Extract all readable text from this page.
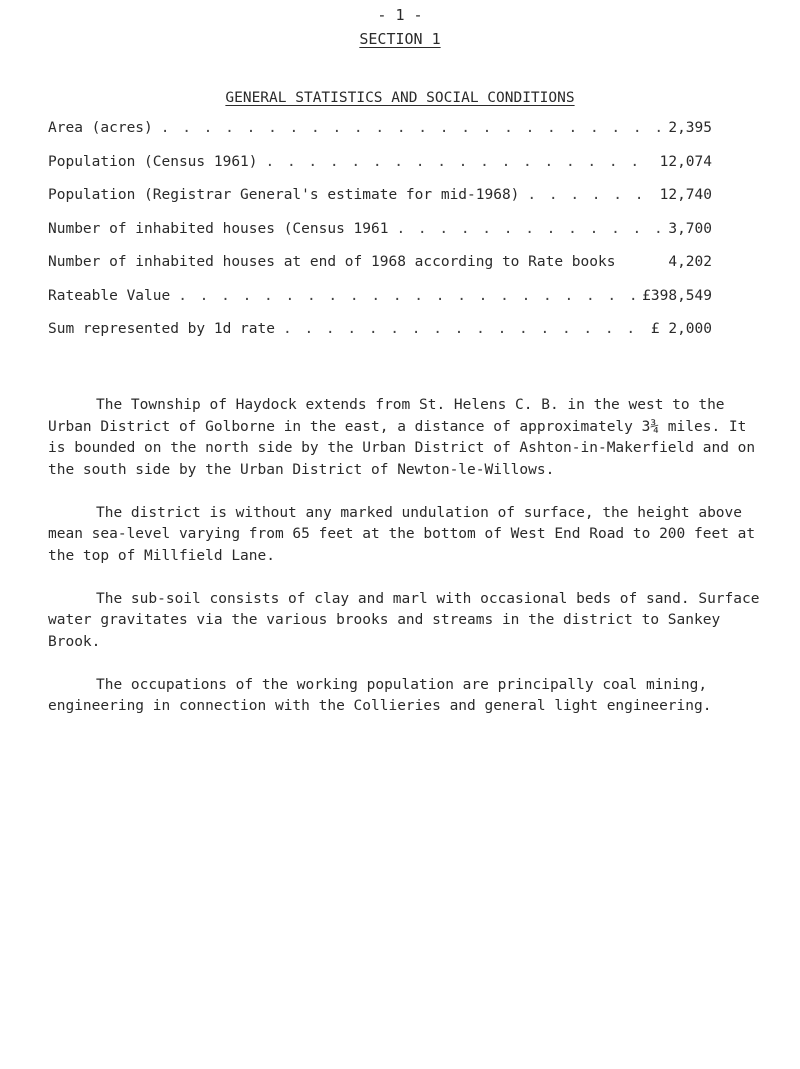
- 1 -
SECTION 1
GENERAL STATISTICS AND SOCIAL CONDITIONS
Area (acres) . . .	2,395
Population (Census 1961) . . .	12,074
Population (Registrar General's estimate for mid-1968) . . .	12,740
Number of inhabited houses (Census 1961 . . .	3,700
Number of inhabited houses at end of 1968 according to Rate books	4,202
Rateable Value . . .	£398,549
Sum represented by 1d rate . . .	£ 2,000

The Township of Haydock extends from St. Helens C. B. in the west to the Urban District of Golborne in the east, a distance of approximately 3¾ miles. It is bounded on the north side by the Urban District of Ashton-in-Makerfield and on the south side by the Urban District of Newton-le-Willows.

The district is without any marked undulation of surface, the height above mean sea-level varying from 65 feet at the bottom of West End Road to 200 feet at the top of Millfield Lane.

The sub-soil consists of clay and marl with occasional beds of sand. Surface water gravitates via the various brooks and streams in the district to Sankey Brook.

The occupations of the working population are principally coal mining, engineering in connection with the Collieries and general light engineering.
